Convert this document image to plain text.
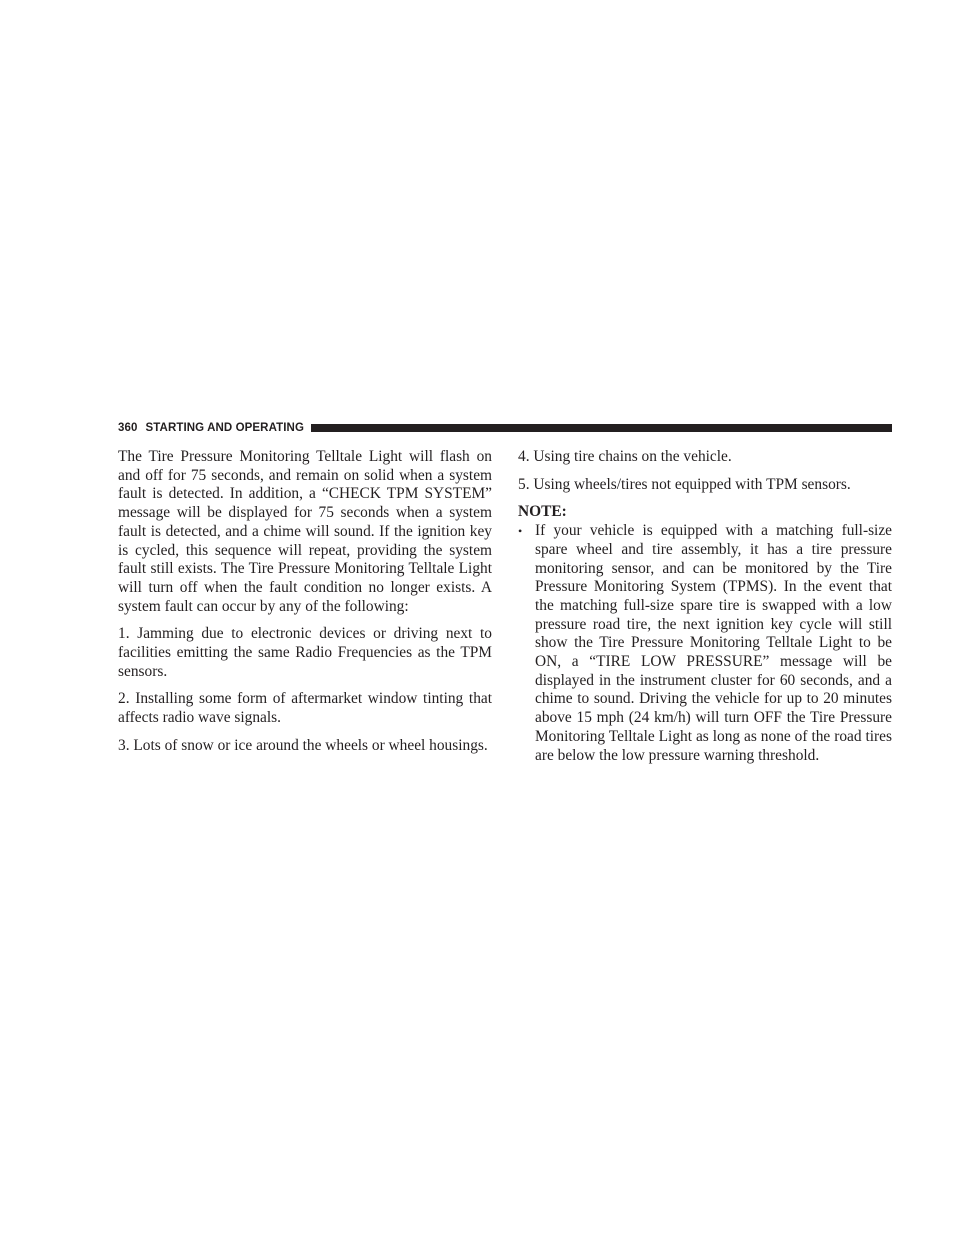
360 STARTING AND OPERATING

The Tire Pressure Monitoring Telltale Light will flash on and off for 75 seconds, and remain on solid when a system fault is detected. In addition, a “CHECK TPM SYSTEM” message will be displayed for 75 seconds when a system fault is detected, and a chime will sound. If the ignition key is cycled, this sequence will repeat, providing the system fault still exists. The Tire Pressure Monitoring Telltale Light will turn off when the fault condition no longer exists. A system fault can occur by any of the following:

1. Jamming due to electronic devices or driving next to facilities emitting the same Radio Frequencies as the TPM sensors.

2. Installing some form of aftermarket window tinting that affects radio wave signals.

3. Lots of snow or ice around the wheels or wheel housings.

4. Using tire chains on the vehicle.

5. Using wheels/tires not equipped with TPM sensors.

NOTE:

• If your vehicle is equipped with a matching full-size spare wheel and tire assembly, it has a tire pressure monitoring sensor, and can be monitored by the Tire Pressure Monitoring System (TPMS). In the event that the matching full-size spare tire is swapped with a low pressure road tire, the next ignition key cycle will still show the Tire Pressure Monitoring Telltale Light to be ON, a “TIRE LOW PRESSURE” message will be displayed in the instrument cluster for 60 seconds, and a chime to sound. Driving the vehicle for up to 20 minutes above 15 mph (24 km/h) will turn OFF the Tire Pressure Monitoring Telltale Light as long as none of the road tires are below the low pressure warning threshold.
